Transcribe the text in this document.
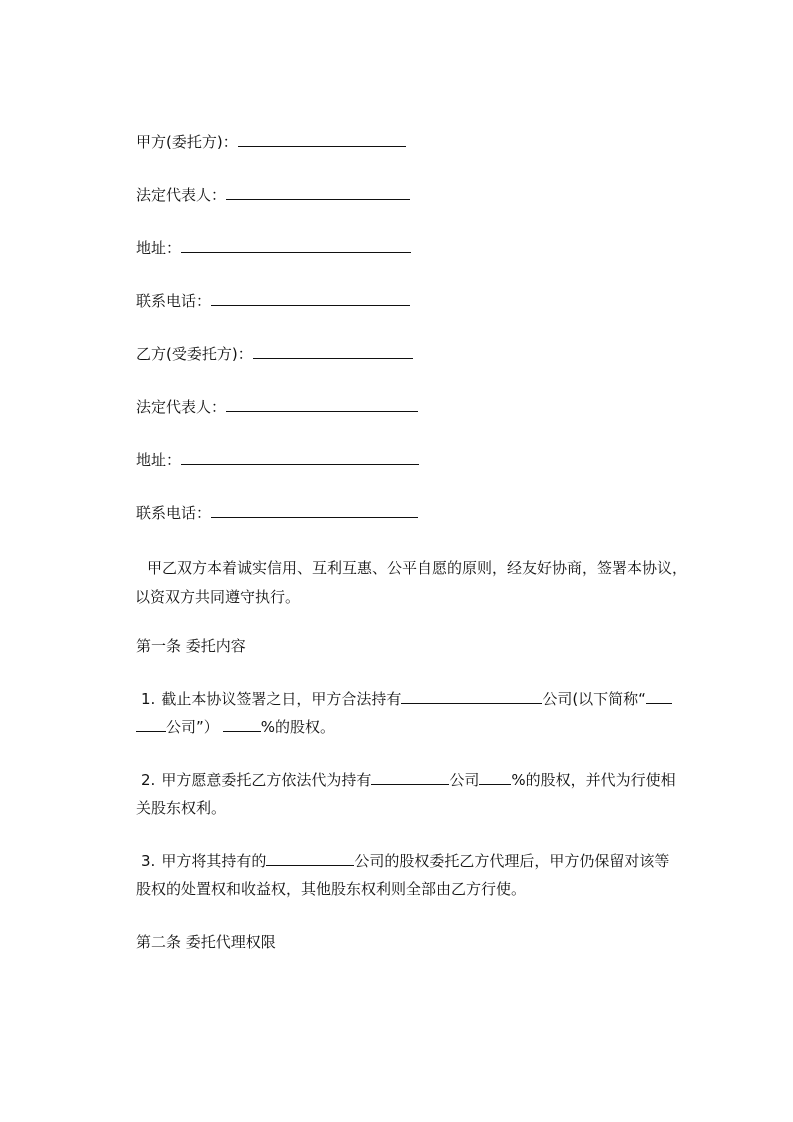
甲方(委托方)：
法定代表人：
地址：
联系电话：
乙方(受委托方)：
法定代表人：
地址：
联系电话：
甲乙双方本着诚实信用、互利互惠、公平自愿的原则，经友好协商，签署本协议，
以资双方共同遵守执行。
第一条 委托内容
1. 截止本协议签署之日，甲方合法持有	公司(以下简称“
公司”）	%的股权。
2. 甲方愿意委托乙方依法代为持有	公司 %的股权，并代为行使相
关股东权利。
3. 甲方将其持有的	公司的股权委托乙方代理后，甲方仍保留对该等
股权的处置权和收益权，其他股东权利则全部由乙方行使。
第二条 委托代理权限
